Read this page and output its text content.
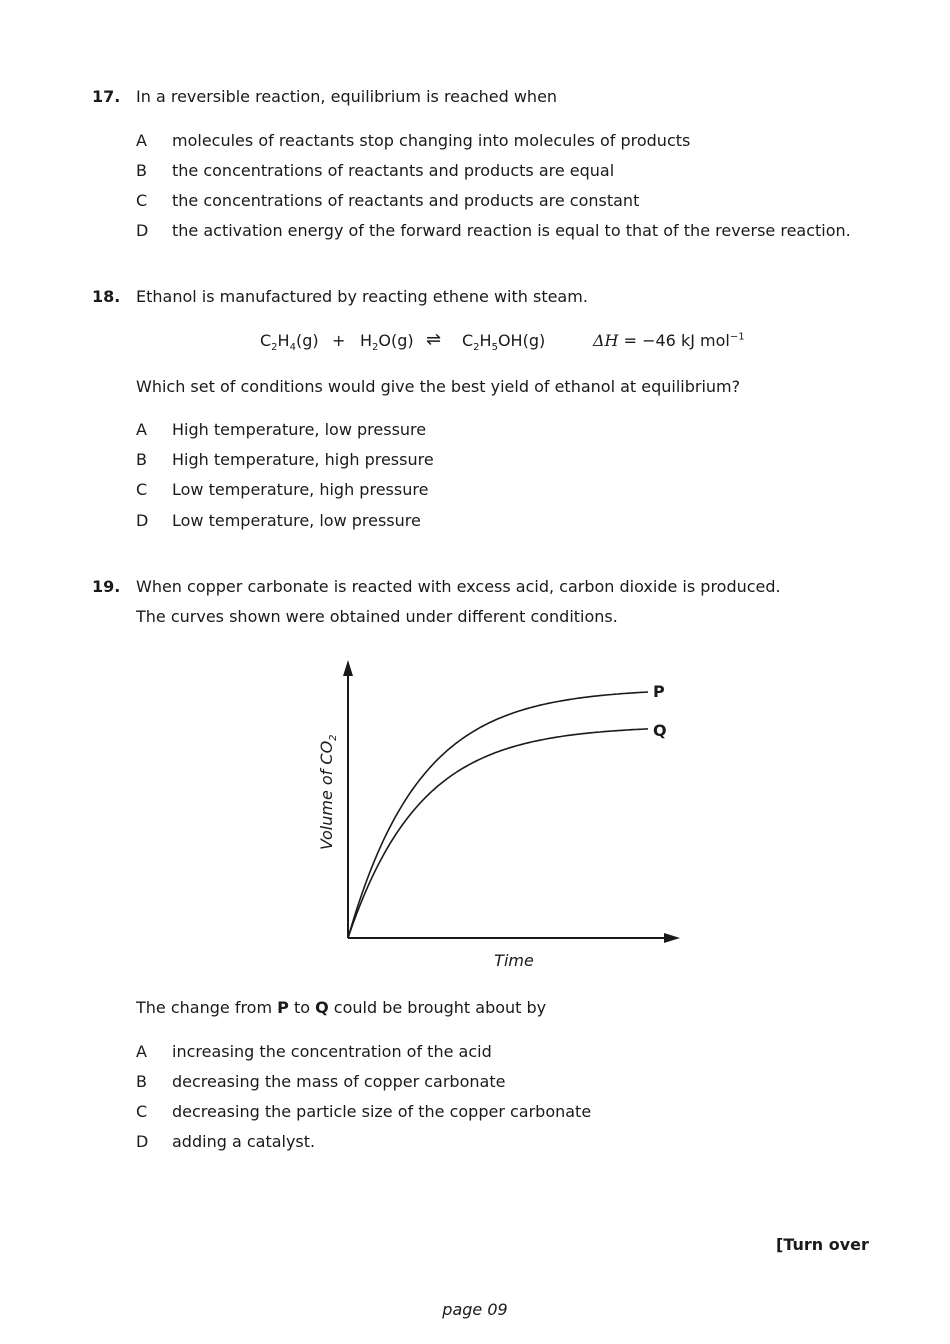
17. In a reversible reaction, equilibrium is reached when
A molecules of reactants stop changing into molecules of products
B the concentrations of reactants and products are equal
C the concentrations of reactants and products are constant
D the activation energy of the forward reaction is equal to that of the reverse reaction.
18. Ethanol is manufactured by reacting ethene with steam.
$C_2H_4(g) + H_2O(g)$ ⇌ $C_2H_5OH(g)$	ΔH = −46 kJ mol$^{-1}$
Which set of conditions would give the best yield of ethanol at equilibrium?
A High temperature, low pressure
B High temperature, high pressure
C Low temperature, high pressure
D Low temperature, low pressure
19. When copper carbonate is reacted with excess acid, carbon dioxide is produced.
The curves shown were obtained under different conditions.
P
Q
Volume of $CO_2$
Time
The change from P to Q could be brought about by
A increasing the concentration of the acid
B decreasing the mass of copper carbonate
C decreasing the particle size of the copper carbonate
D adding a catalyst.
[Turn over
page 09
